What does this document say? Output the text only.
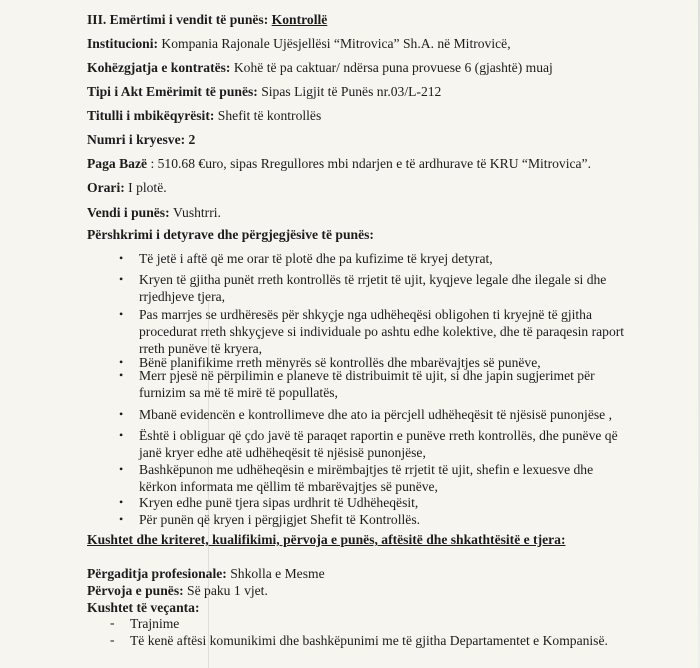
III. Emërtimi i vendit të punës: Kontrollë
Institucioni: Kompania Rajonale Ujësjellësi “Mitrovica” Sh.A. në Mitrovicë,
Kohëzgjatja e kontratës: Kohë të pa caktuar/ ndërsa puna provuese 6 (gjashtë) muaj
Tipi i Akt Emërimit të punës: Sipas Ligjit të Punës nr.03/L-212
Titulli i mbikëqyrësit: Shefit të kontrollës
Numri i kryesve: 2
Paga Bazë : 510.68 €uro, sipas Rregullores mbi ndarjen e të ardhurave të KRU “Mitrovica”.
Orari: I plotë.
Vendi i punës: Vushtrri.
Përshkrimi i detyrave dhe përgjegjësive të punës:
• Të jetë i aftë që me orar të plotë dhe pa kufizime të kryej detyrat,
• Kryen të gjitha punët rreth kontrollës të rrjetit të ujit, kyqjeve legale dhe ilegale si dhe
rrjedhjeve tjera,
• Pas marrjes se urdhëresës për shkyçje nga udhëheqësi obligohen ti kryejnë të gjitha
procedurat rreth shkyçjeve si individuale po ashtu edhe kolektive, dhe të paraqesin raport
rreth punëve të kryera,
• Bënë planifikime rreth mënyrës së kontrollës dhe mbarëvajtjes së punëve,
• Merr pjesë në përpilimin e planeve të distribuimit të ujit, si dhe japin sugjerimet për
furnizim sa më të mirë të popullatës,
• Mbanë evidencën e kontrollimeve dhe ato ia përcjell udhëheqësit të njësisë punonjëse ,
• Është i obliguar që çdo javë të paraqet raportin e punëve rreth kontrollës, dhe punëve që
janë kryer edhe atë udhëheqësit të njësisë punonjëse,
• Bashkëpunon me udhëheqësin e mirëmbajtjes të rrjetit të ujit, shefin e lexuesve dhe
kërkon informata me qëllim të mbarëvajtjes së punëve,
• Kryen edhe punë tjera sipas urdhrit të Udhëheqësit,
• Për punën që kryen i përgjigjet Shefit të Kontrollës.
Kushtet dhe kriteret, kualifikimi, përvoja e punës, aftësitë dhe shkathtësitë e tjera:
Përgaditja profesionale: Shkolla e Mesme
Përvoja e punës: Së paku 1 vjet.
Kushtet të veçanta:
- Trajnime
- Të kenë aftësi komunikimi dhe bashkëpunimi me të gjitha Departamentet e Kompanisë.
